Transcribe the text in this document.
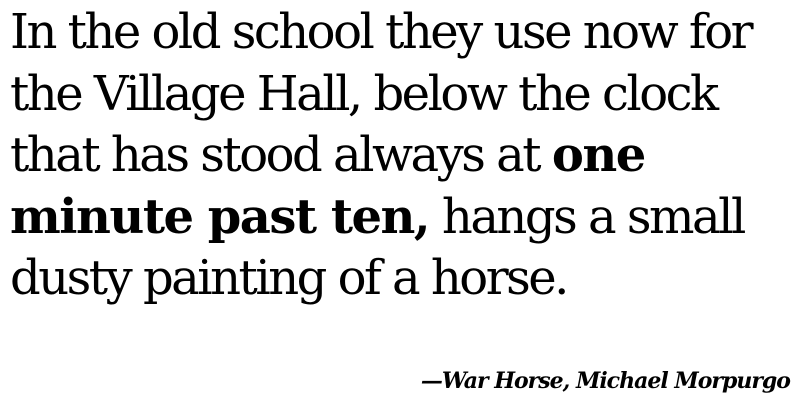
In the old school they use now for
the Village Hall, below the clock
that has stood always at one
minute past ten, hangs a small
dusty painting of a horse.

—War Horse, Michael Morpurgo
